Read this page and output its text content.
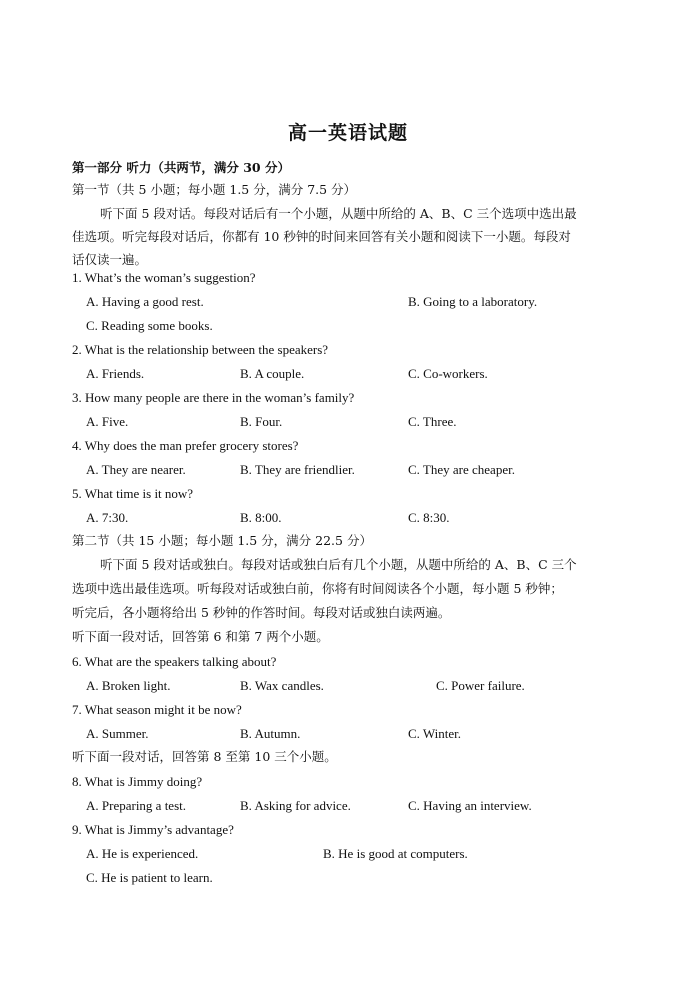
高一英语试题
第一部分 听力（共两节，满分 30 分）
第一节（共 5 小题；每小题 1.5 分，满分 7.5 分）
听下面 5 段对话。每段对话后有一个小题，从题中所给的 A、B、C 三个选项中选出最
佳选项。听完每段对话后，你都有 10 秒钟的时间来回答有关小题和阅读下一小题。每段对
话仅读一遍。
1. What’s the woman’s suggestion?
A. Having a good rest.	B. Going to a laboratory.
C. Reading some books.
2. What is the relationship between the speakers?
A. Friends.	B. A couple.	C. Co-workers.
3. How many people are there in the woman’s family?
A. Five.	B. Four.	C. Three.
4. Why does the man prefer grocery stores?
A. They are nearer.	B. They are friendlier.	C. They are cheaper.
5. What time is it now?
A. 7:30.	B. 8:00.	C. 8:30.
第二节（共 15 小题；每小题 1.5 分，满分 22.5 分）
听下面 5 段对话或独白。每段对话或独白后有几个小题，从题中所给的 A、B、C 三个
选项中选出最佳选项。听每段对话或独白前，你将有时间阅读各个小题，每小题 5 秒钟；
听完后，各小题将给出 5 秒钟的作答时间。每段对话或独白读两遍。
听下面一段对话，回答第 6 和第 7 两个小题。
6. What are the speakers talking about?
A. Broken light.	B. Wax candles.	C. Power failure.
7. What season might it be now?
A. Summer.	B. Autumn.	C. Winter.
听下面一段对话，回答第 8 至第 10 三个小题。
8. What is Jimmy doing?
A. Preparing a test.	B. Asking for advice.	C. Having an interview.
9. What is Jimmy’s advantage?
A. He is experienced.	B. He is good at computers.
C. He is patient to learn.
